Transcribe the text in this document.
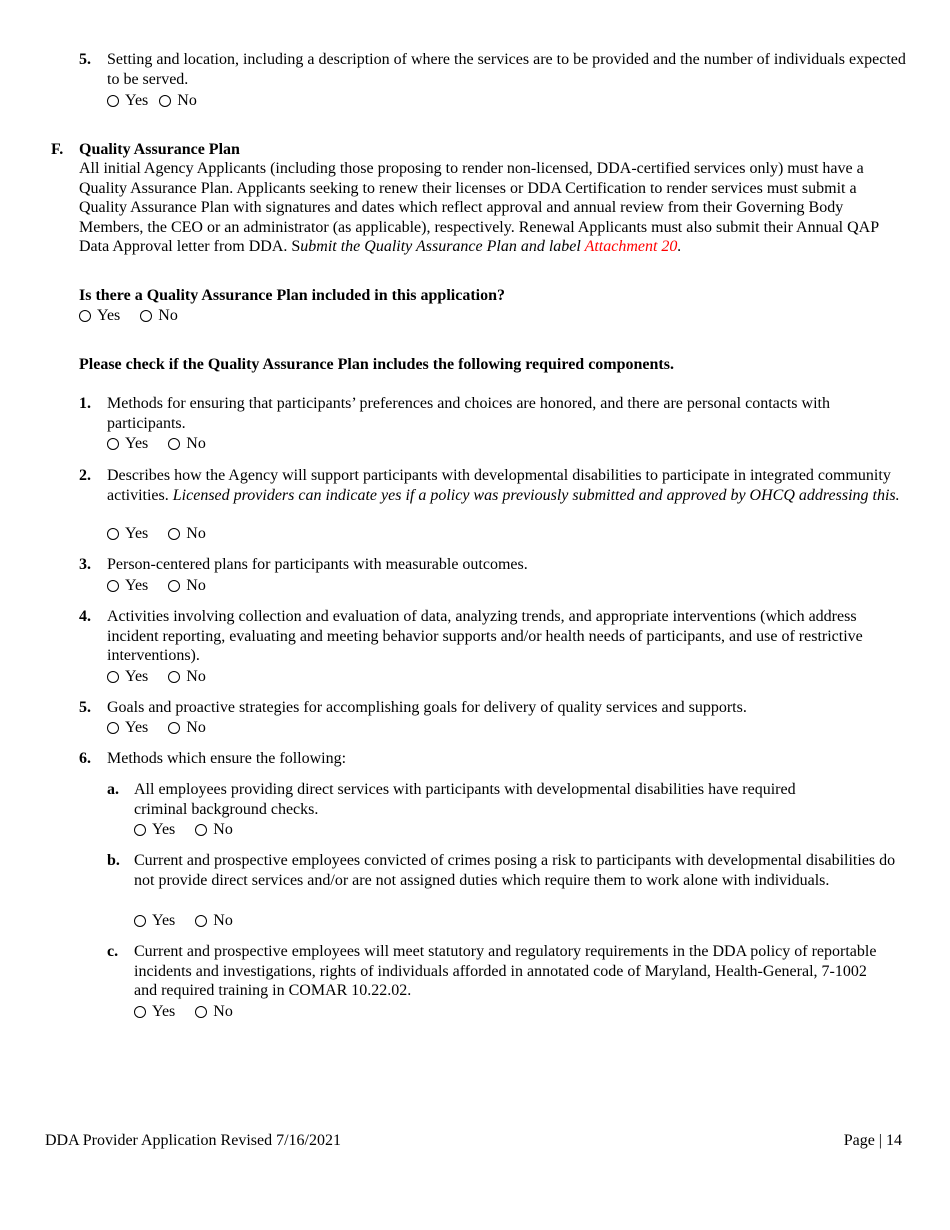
5. Setting and location, including a description of where the services are to be provided and the number of individuals expected to be served.
Yes No
F. Quality Assurance Plan
All initial Agency Applicants (including those proposing to render non-licensed, DDA-certified services only) must have a Quality Assurance Plan. Applicants seeking to renew their licenses or DDA Certification to render services must submit a Quality Assurance Plan with signatures and dates which reflect approval and annual review from their Governing Body Members, the CEO or an administrator (as applicable), respectively. Renewal Applicants must also submit their Annual QAP Data Approval letter from DDA. Submit the Quality Assurance Plan and label Attachment 20.
Is there a Quality Assurance Plan included in this application?
Yes No
Please check if the Quality Assurance Plan includes the following required components.
1. Methods for ensuring that participants’ preferences and choices are honored, and there are personal contacts with participants.
Yes No
2. Describes how the Agency will support participants with developmental disabilities to participate in integrated community activities. Licensed providers can indicate yes if a policy was previously submitted and approved by OHCQ addressing this.
Yes No
3. Person-centered plans for participants with measurable outcomes.
Yes No
4. Activities involving collection and evaluation of data, analyzing trends, and appropriate interventions (which address incident reporting, evaluating and meeting behavior supports and/or health needs of participants, and use of restrictive interventions).
Yes No
5. Goals and proactive strategies for accomplishing goals for delivery of quality services and supports.
Yes No
6. Methods which ensure the following:
a. All employees providing direct services with participants with developmental disabilities have required criminal background checks.
Yes No
b. Current and prospective employees convicted of crimes posing a risk to participants with developmental disabilities do not provide direct services and/or are not assigned duties which require them to work alone with individuals.
Yes No
c. Current and prospective employees will meet statutory and regulatory requirements in the DDA policy of reportable incidents and investigations, rights of individuals afforded in annotated code of Maryland, Health-General, 7-1002 and required training in COMAR 10.22.02.
Yes No
DDA Provider Application Revised 7/16/2021	Page | 14
